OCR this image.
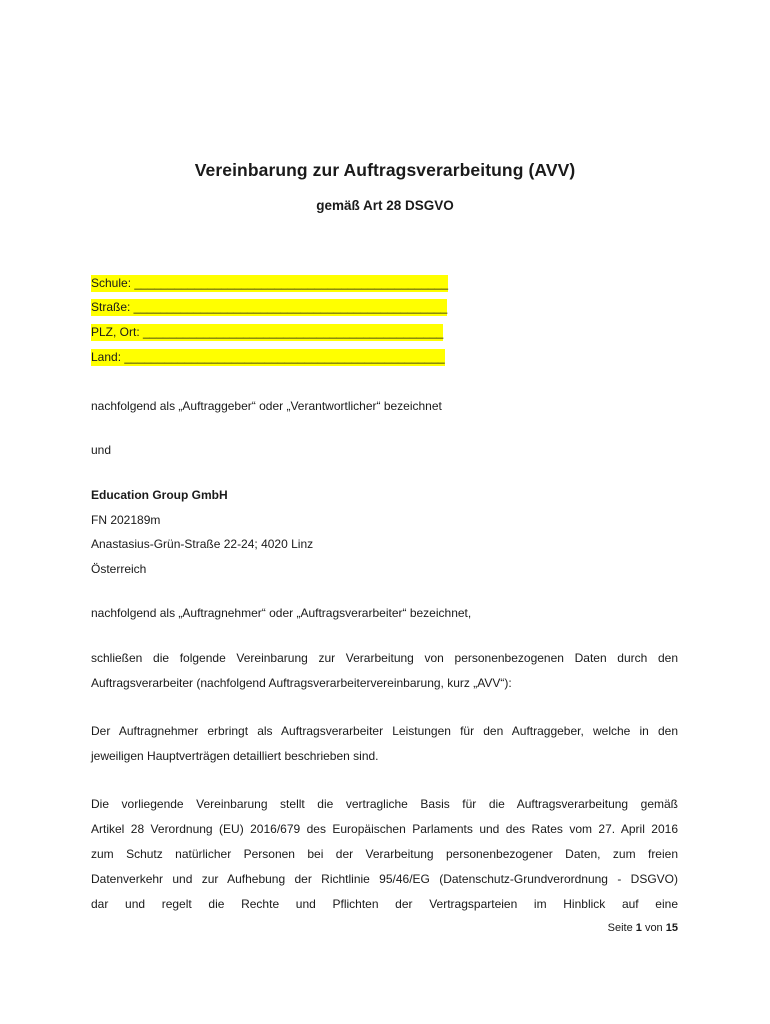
Vereinbarung zur Auftragsverarbeitung (AVV)
gemäß Art 28 DSGVO
Schule: _______________________________________________
Straße: _______________________________________________
PLZ, Ort: _____________________________________________
Land: ________________________________________________
nachfolgend als „Auftraggeber“ oder „Verantwortlicher“ bezeichnet
und
Education Group GmbH
FN 202189m
Anastasius-Grün-Straße 22-24; 4020 Linz
Österreich
nachfolgend als „Auftragnehmer“ oder „Auftragsverarbeiter“ bezeichnet,
schließen die folgende Vereinbarung zur Verarbeitung von personenbezogenen Daten durch den
Auftragsverarbeiter (nachfolgend Auftragsverarbeitervereinbarung, kurz „AVV“):
Der Auftragnehmer erbringt als Auftragsverarbeiter Leistungen für den Auftraggeber, welche in den
jeweiligen Hauptverträgen detailliert beschrieben sind.
Die vorliegende Vereinbarung stellt die vertragliche Basis für die Auftragsverarbeitung gemäß
Artikel 28 Verordnung (EU) 2016/679 des Europäischen Parlaments und des Rates vom 27. April 2016
zum Schutz natürlicher Personen bei der Verarbeitung personenbezogener Daten, zum freien
Datenverkehr und zur Aufhebung der Richtlinie 95/46/EG (Datenschutz-Grundverordnung - DSGVO)
dar und regelt die Rechte und Pflichten der Vertragsparteien im Hinblick auf eine
Seite 1 von 15
